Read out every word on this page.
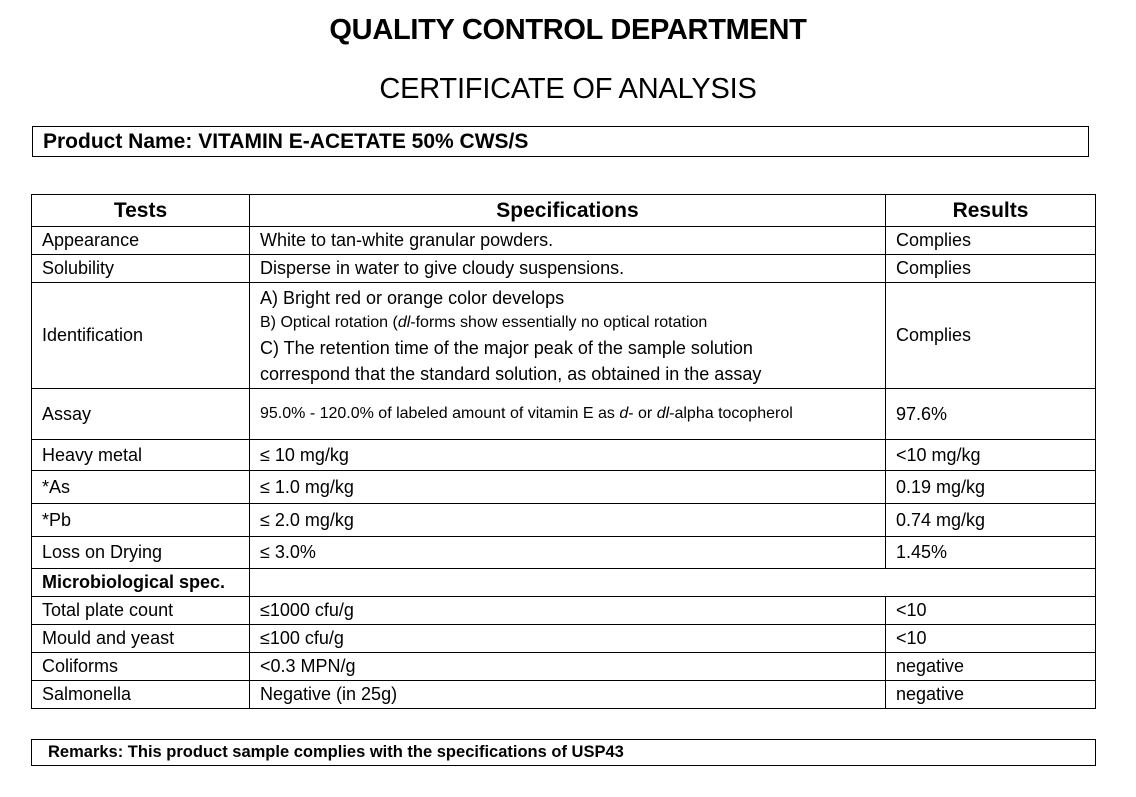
QUALITY CONTROL DEPARTMENT
CERTIFICATE OF ANALYSIS
Product Name: VITAMIN E-ACETATE 50% CWS/S
Tests	Specifications	Results
Appearance	White to tan-white granular powders.	Complies
Solubility	Disperse in water to give cloudy suspensions.	Complies
Identification	A) Bright red or orange color develops
B) Optical rotation (dl-forms show essentially no optical rotation
C) The retention time of the major peak of the sample solution
correspond that the standard solution, as obtained in the assay	Complies
Assay	95.0% - 120.0% of labeled amount of vitamin E as d- or dl-alpha tocopherol	97.6%
Heavy metal	≤ 10 mg/kg	<10 mg/kg
*As	≤ 1.0 mg/kg	0.19 mg/kg
*Pb	≤ 2.0 mg/kg	0.74 mg/kg
Loss on Drying	≤ 3.0%	1.45%
Microbiological spec.		
Total plate count	≤1000 cfu/g	<10
Mould and yeast	≤100 cfu/g	<10
Coliforms	<0.3 MPN/g	negative
Salmonella	Negative (in 25g)	negative
Remarks: This product sample complies with the specifications of USP43
